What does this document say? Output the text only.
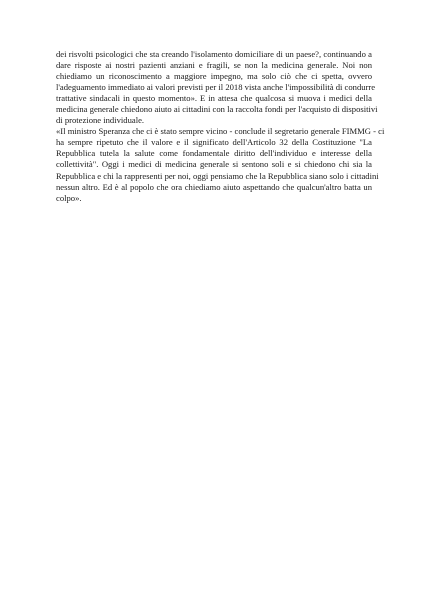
dei risvolti psicologici che sta creando l'isolamento domiciliare di un paese?, continuando a
dare risposte ai nostri pazienti anziani e fragili, se non la medicina generale. Noi non
chiediamo un riconoscimento a maggiore impegno, ma solo ciò che ci spetta, ovvero
l'adeguamento immediato ai valori previsti per il 2018 vista anche l'impossibilità di condurre
trattative sindacali in questo momento». E in attesa che qualcosa si muova i medici della
medicina generale chiedono aiuto ai cittadini con la raccolta fondi per l'acquisto di dispositivi
di protezione individuale.
«Il ministro Speranza che ci è stato sempre vicino - conclude il segretario generale FIMMG - ci
ha sempre ripetuto che il valore e il significato dell'Articolo 32 della Costituzione "La
Repubblica tutela la salute come fondamentale diritto dell'individuo e interesse della
collettività". Oggi i medici di medicina generale si sentono soli e si chiedono chi sia la
Repubblica e chi la rappresenti per noi, oggi pensiamo che la Repubblica siano solo i cittadini
nessun altro. Ed è al popolo che ora chiediamo aiuto aspettando che qualcun'altro batta un
colpo».
